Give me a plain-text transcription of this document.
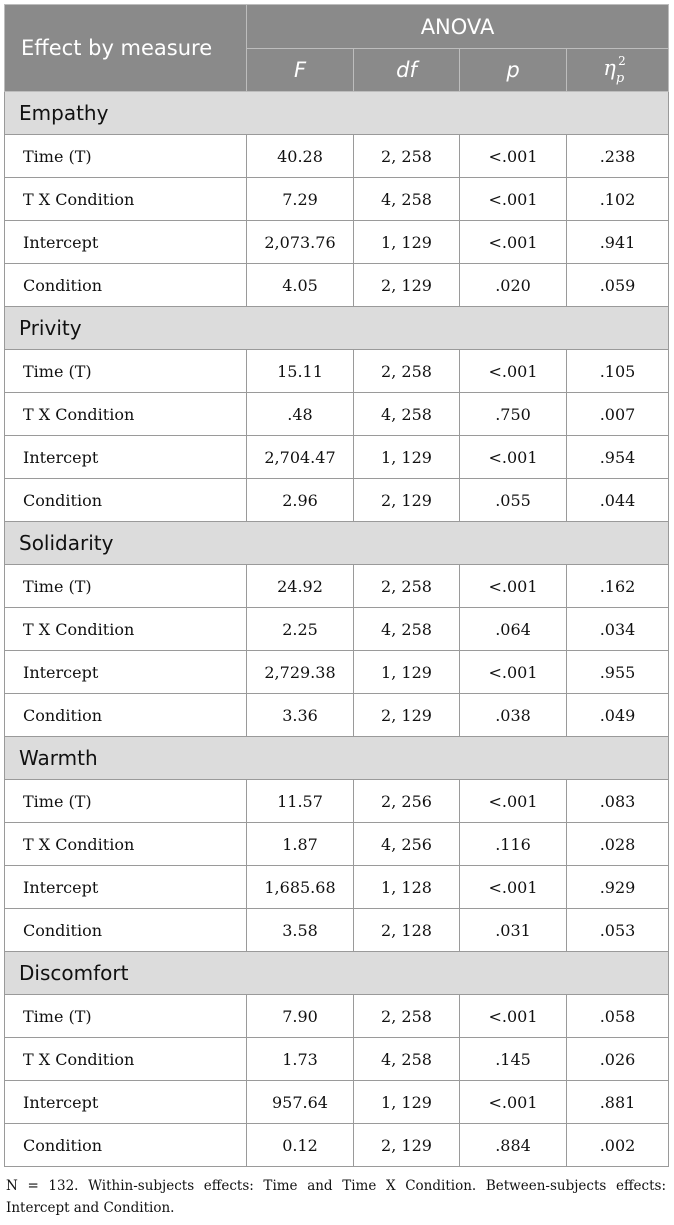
Effect by measure	ANOVA			
	F	df	p	$\eta_p^2$
Empathy				
Time (T)	40.28	2, 258	<.001	.238
T X Condition	7.29	4, 258	<.001	.102
Intercept	2,073.76	1, 129	<.001	.941
Condition	4.05	2, 129	.020	.059
Privity				
Time (T)	15.11	2, 258	<.001	.105
T X Condition	.48	4, 258	.750	.007
Intercept	2,704.47	1, 129	<.001	.954
Condition	2.96	2, 129	.055	.044
Solidarity				
Time (T)	24.92	2, 258	<.001	.162
T X Condition	2.25	4, 258	.064	.034
Intercept	2,729.38	1, 129	<.001	.955
Condition	3.36	2, 129	.038	.049
Warmth				
Time (T)	11.57	2, 256	<.001	.083
T X Condition	1.87	4, 256	.116	.028
Intercept	1,685.68	1, 128	<.001	.929
Condition	3.58	2, 128	.031	.053
Discomfort				
Time (T)	7.90	2, 258	<.001	.058
T X Condition	1.73	4, 258	.145	.026
Intercept	957.64	1, 129	<.001	.881
Condition	0.12	2, 129	.884	.002
N = 132. Within-subjects effects: Time and Time X Condition. Between-subjects effects: Intercept and Condition.
